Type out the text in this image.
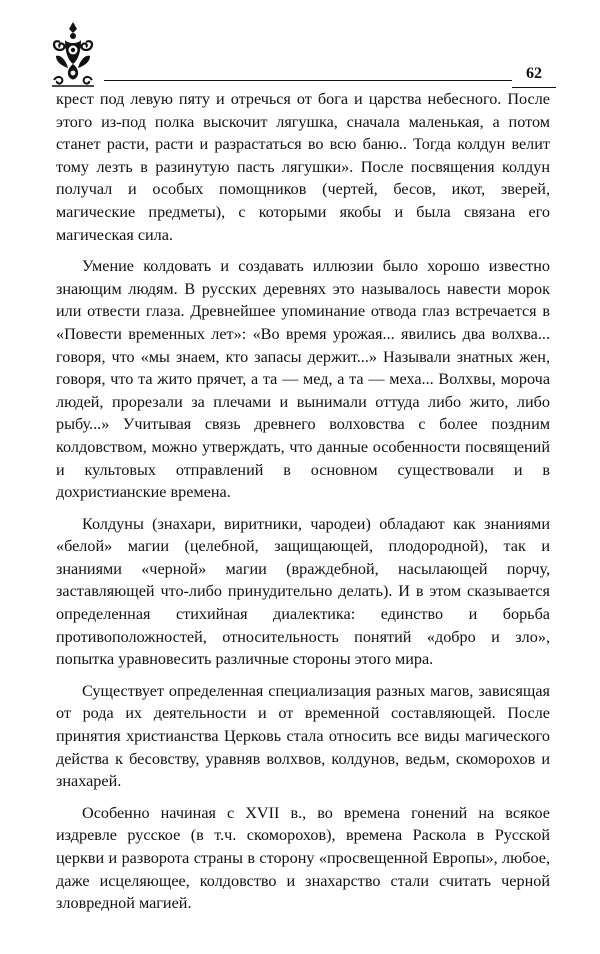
62

крест под левую пяту и отречься от бога и царства небесного. После этого из-под полка выскочит лягушка, сначала маленькая, а потом станет расти, расти и разрастаться во всю баню.. Тогда колдун велит тому лезть в разинутую пасть лягушки». После посвящения колдун получал и особых помощников (чертей, бесов, икот, зверей, магические предметы), с которыми якобы и была связана его магическая сила.

Умение колдовать и создавать иллюзии было хорошо известно знающим людям. В русских деревнях это называлось навести морок или отвести глаза. Древнейшее упоминание отвода глаз встречается в «Повести временных лет»: «Во время урожая... явились два волхва... говоря, что «мы знаем, кто запасы держит...» Называли знатных жен, говоря, что та жито прячет, а та — мед, а та — меха... Волхвы, мороча людей, прорезали за плечами и вынимали оттуда либо жито, либо рыбу...» Учитывая связь древнего волховства с более поздним колдовством, можно утверждать, что данные особенности посвящений и культовых отправлений в основном существовали и в дохристианские времена.

Колдуны (знахари, виритники, чародеи) обладают как знаниями «белой» магии (целебной, защищающей, плодородной), так и знаниями «черной» магии (враждебной, насылающей порчу, заставляющей что-либо принудительно делать). И в этом сказывается определенная стихийная диалектика: единство и борьба противоположностей, относительность понятий «добро и зло», попытка уравновесить различные стороны этого мира.

Существует определенная специализация разных магов, зависящая от рода их деятельности и от временной составляющей. После принятия христианства Церковь стала относить все виды магического действа к бесовству, уравняв волхвов, колдунов, ведьм, скоморохов и знахарей.

Особенно начиная с XVII в., во времена гонений на всякое издревле русское (в т.ч. скоморохов), времена Раскола в Русской церкви и разворота страны в сторону «просвещенной Европы», любое, даже исцеляющее, колдовство и знахарство стали считать черной зловредной магией.
